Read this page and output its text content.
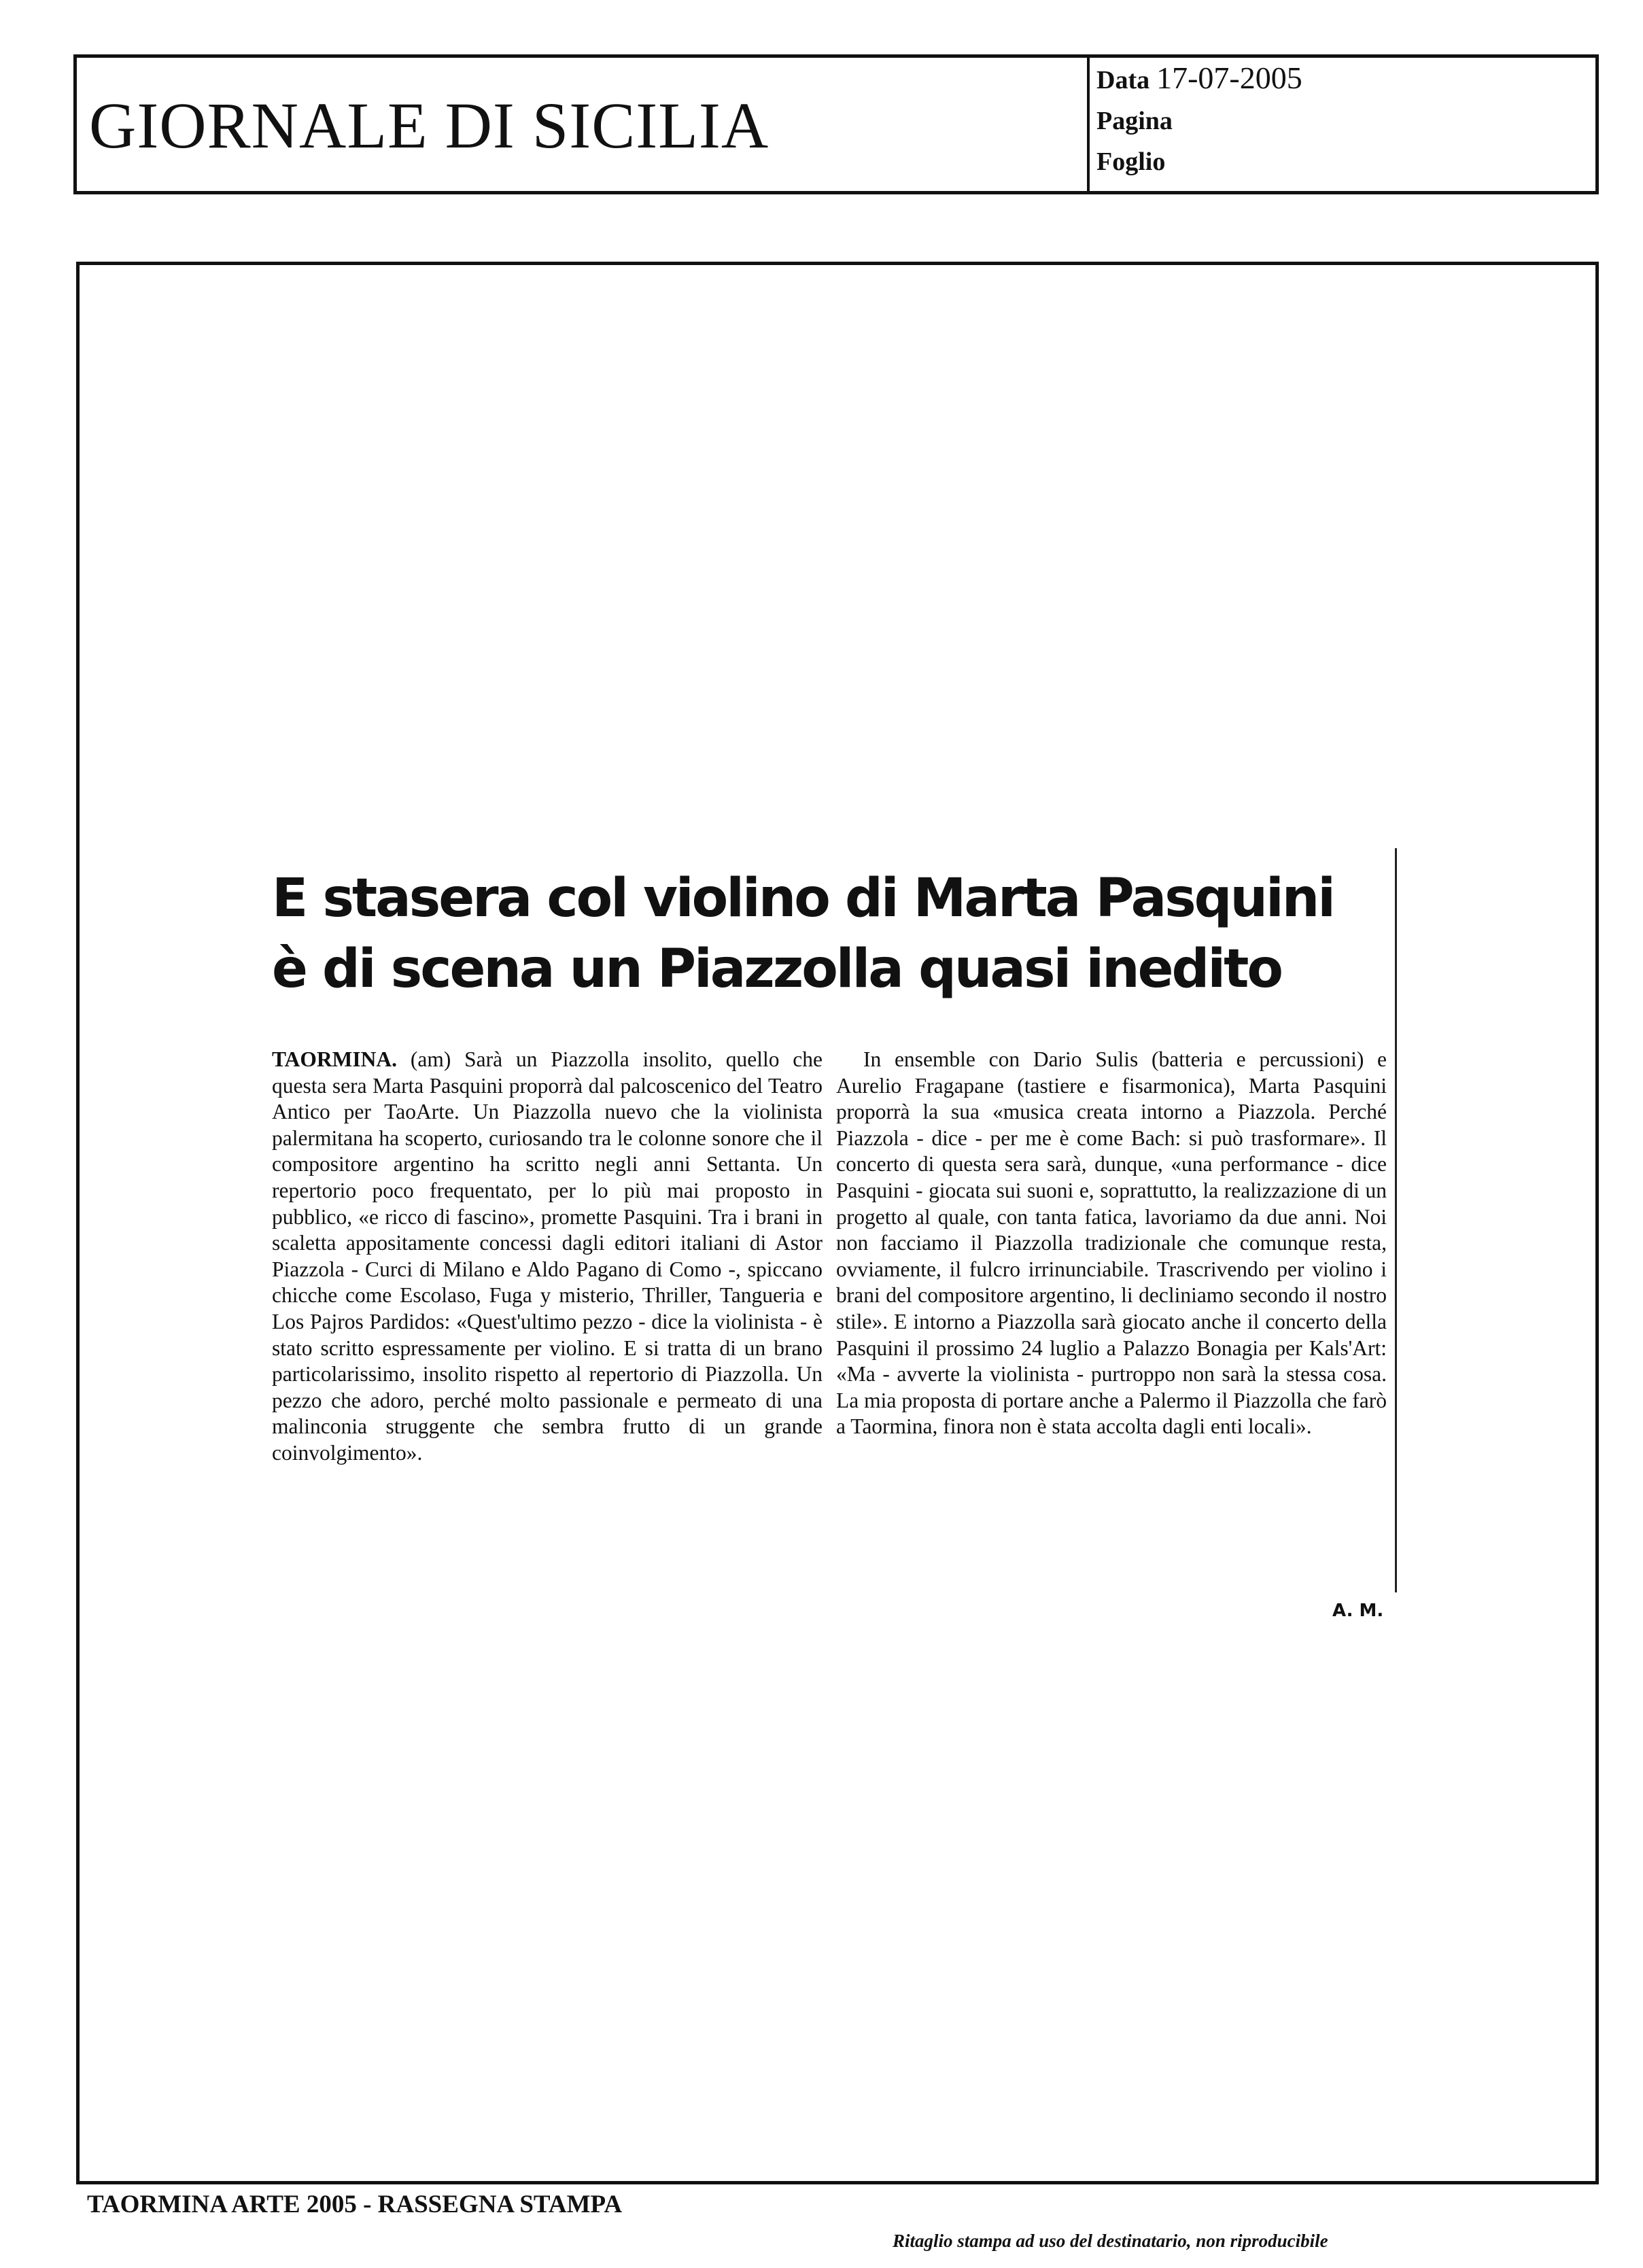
GIORNALE DI SICILIA
Data 17-07-2005
Pagina
Foglio
E stasera col violino di Marta Pasquini
è di scena un Piazzolla quasi inedito

TAORMINA. (am) Sarà un Piazzolla insolito, quello che questa sera Marta Pasquini proporrà dal palcoscenico del Teatro Antico per TaoArte. Un Piazzolla nuevo che la violinista palermitana ha scoperto, curiosando tra le colonne sonore che il compositore argentino ha scritto negli anni Settanta. Un repertorio poco frequentato, per lo più mai proposto in pubblico, «e ricco di fascino», promette Pasquini. Tra i brani in scaletta appositamente concessi dagli editori italiani di Astor Piazzola - Curci di Milano e Aldo Pagano di Como -, spiccano chicche come Escolaso, Fuga y misterio, Thriller, Tangueria e Los Pajros Pardidos: «Quest'ultimo pezzo - dice la violinista - è stato scritto espressamente per violino. E si tratta di un brano particolarissimo, insolito rispetto al repertorio di Piazzolla. Un pezzo che adoro, perché molto passionale e permeato di una malinconia struggente che sembra frutto di un grande coinvolgimento».

In ensemble con Dario Sulis (batteria e percussioni) e Aurelio Fragapane (tastiere e fisarmonica), Marta Pasquini proporrà la sua «musica creata intorno a Piazzola. Perché Piazzola - dice - per me è come Bach: si può trasformare». Il concerto di questa sera sarà, dunque, «una performance - dice Pasquini - giocata sui suoni e, soprattutto, la realizzazione di un progetto al quale, con tanta fatica, lavoriamo da due anni. Noi non facciamo il Piazzolla tradizionale che comunque resta, ovviamente, il fulcro irrinunciabile. Trascrivendo per violino i brani del compositore argentino, li decliniamo secondo il nostro stile». E intorno a Piazzolla sarà giocato anche il concerto della Pasquini il prossimo 24 luglio a Palazzo Bonagia per Kals'Art: «Ma - avverte la violinista - purtroppo non sarà la stessa cosa. La mia proposta di portare anche a Palermo il Piazzolla che farò a Taormina, finora non è stata accolta dagli enti locali».

A. M.
TAORMINA ARTE 2005 - RASSEGNA STAMPA
Ritaglio stampa ad uso del destinatario, non riproducibile
